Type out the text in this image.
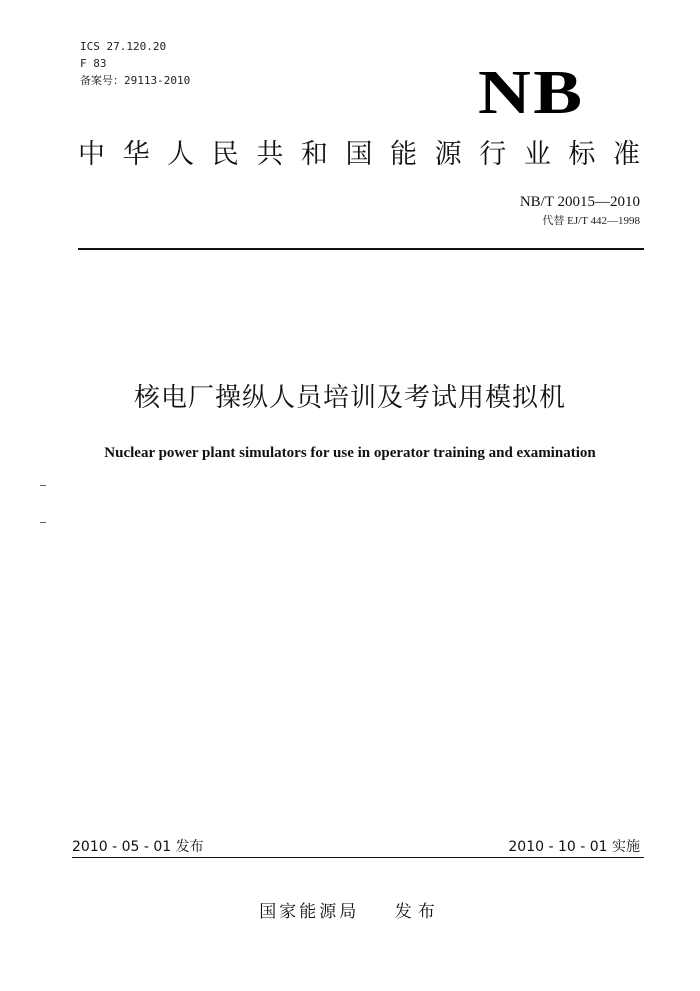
ICS 27.120.20
F 83
备案号：29113-2010	NB
中华人民共和国能源行业标准
NB/T 20015—2010
代替 EJ/T 442—1998
核电厂操纵人员培训及考试用模拟机
Nuclear power plant simulators for use in operator training and examination
2010 - 05 - 01 发布	2010 - 10 - 01 实施
国家能源局 发布
